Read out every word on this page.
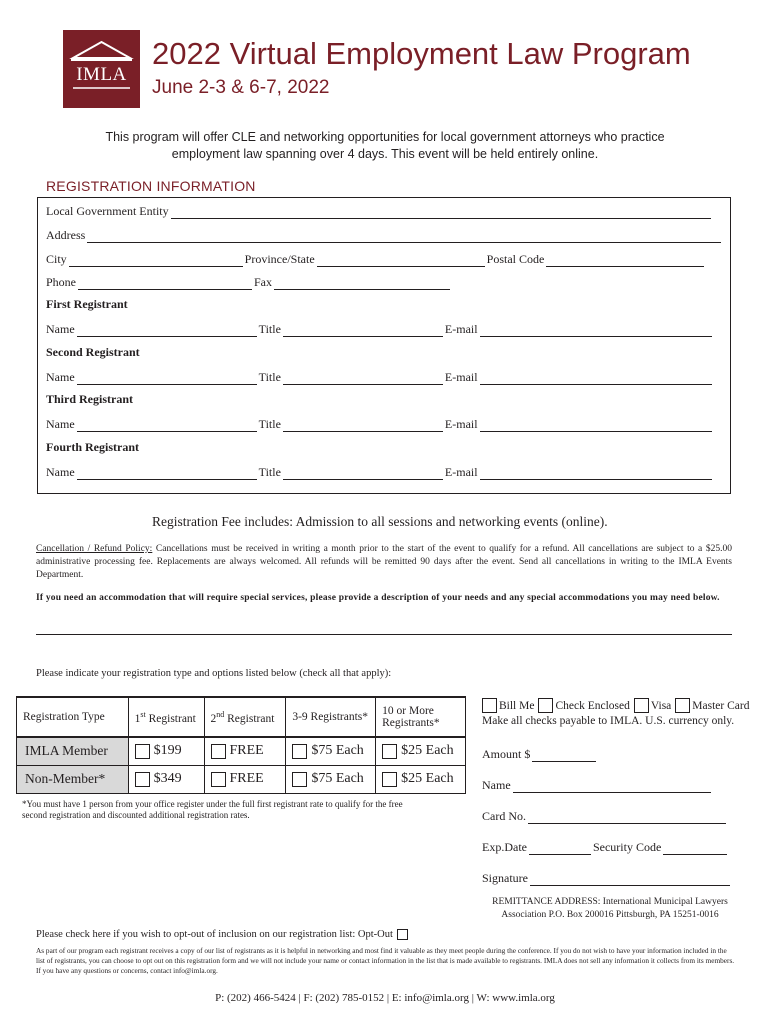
IMLA
2022 Virtual Employment Law Program
June 2-3 & 6-7, 2022
This program will offer CLE and networking opportunities for local government attorneys who practice employment law spanning over 4 days. This event will be held entirely online.
REGISTRATION INFORMATION
Local Government Entity
Address
City	Province/State	Postal Code
Phone	Fax
First Registrant
Name	Title	E-mail
Second Registrant
Name	Title	E-mail
Third Registrant
Name	Title	E-mail
Fourth Registrant
Name	Title	E-mail
Registration Fee includes: Admission to all sessions and networking events (online).
Cancellation / Refund Policy: Cancellations must be received in writing a month prior to the start of the event to qualify for a refund. All cancellations are subject to a $25.00 administrative processing fee. Replacements are always welcomed. All refunds will be remitted 90 days after the event. Send all cancellations in writing to the IMLA Events Department.
If you need an accommodation that will require special services, please provide a description of your needs and any special accommodations you may need below.
Please indicate your registration type and options listed below (check all that apply):
Registration Type	1st Registrant	2nd Registrant	3-9 Registrants*	10 or More Registrants*
IMLA Member	$199	FREE	$75 Each	$25 Each
Non-Member*	$349	FREE	$75 Each	$25 Each
*You must have 1 person from your office register under the full first registrant rate to qualify for the free second registration and discounted additional registration rates.
Bill Me Check Enclosed Visa Master Card
Make all checks payable to IMLA. U.S. currency only.
Amount $
Name
Card No.
Exp.Date	Security Code
Signature
REMITTANCE ADDRESS: International Municipal Lawyers Association P.O. Box 200016 Pittsburgh, PA 15251-0016
Please check here if you wish to opt-out of inclusion on our registration list: Opt-Out
As part of our program each registrant receives a copy of our list of registrants as it is helpful in networking and most find it valuable as they meet people during the conference. If you do not wish to have your information included in the list of registrants, you can choose to opt out on this registration form and we will not include your name or contact information in the list that is made available to registrants. IMLA does not sell any information it collects from its members. If you have any questions or concerns, contact info@imla.org.
P: (202) 466-5424 | F: (202) 785-0152 | E: info@imla.org | W: www.imla.org
